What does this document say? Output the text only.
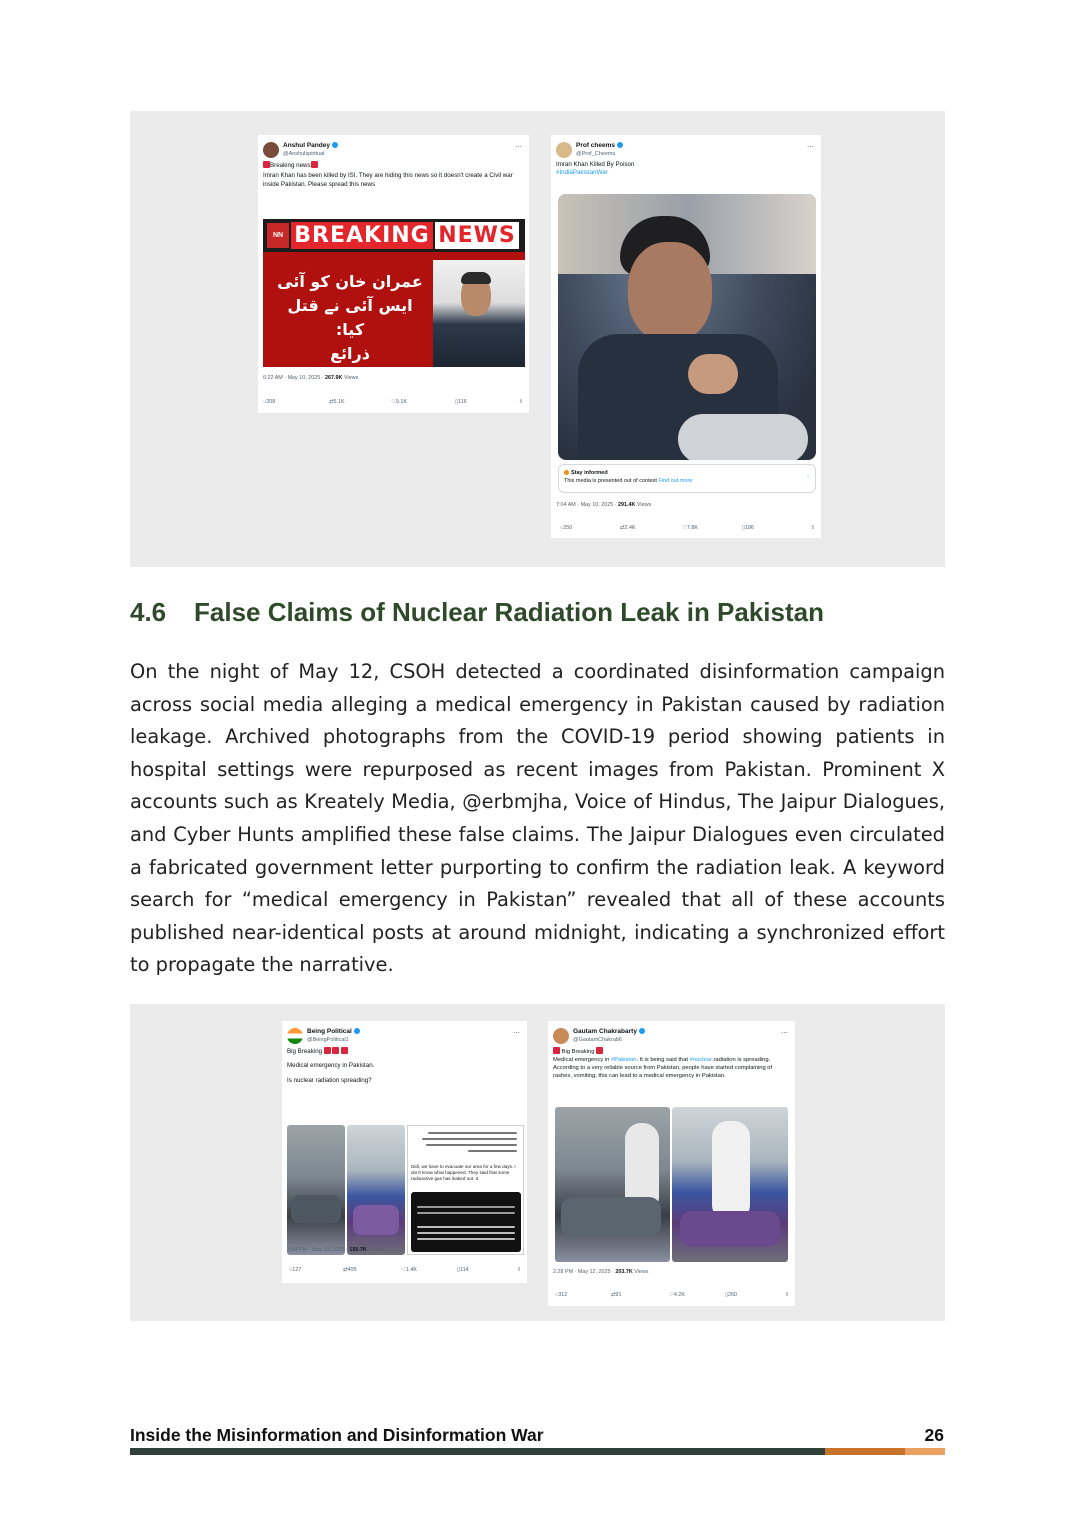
Anshul Pandey
@Anshulspiritual
⋯

Breaking news

Imran Khan has been killed by ISI. They are hiding this news so it doesn't create a Civil war inside Pakistan. Please spread this news

NN BREAKING NEWS
عمران خان کو آئی
ایس آئی نے قتل کیا:
ذرائع
6:22 AM · May 10, 2025 · 267.9K Views
○ 208	⇄ 5.1K	♡ 9.1K	▯ 116	⇧
Prof cheems
@Prof_Cheems
⋯

Imran Khan Killed By Poison

#IndiaPakistanWar

Stay informed
This media is presented out of context Find out more
›
7:04 AM · May 10, 2025 · 291.4K Views
○ 250	⇄ 2.4K	♡ 7.8K	▯ 186	⇧
4.6 False Claims of Nuclear Radiation Leak in Pakistan

On the night of May 12, CSOH detected a coordinated disinformation campaign across social media alleging a medical emergency in Pakistan caused by radiation leakage. Archived photographs from the COVID-19 period showing patients in hospital settings were repurposed as recent images from Pakistan. Prominent X accounts such as Kreately Media, @erbmjha, Voice of Hindus, The Jaipur Dialogues, and Cyber Hunts amplified these false claims. The Jaipur Dialogues even circulated a fabricated government letter purporting to confirm the radiation leak. A keyword search for “medical emergency in Pakistan” revealed that all of these accounts published near-identical posts at around midnight, indicating a synchronized effort to propagate the narrative.

Being Political
@BeingPolitical1
⋯

Big Breaking

Medical emergency in Pakistan.

Is nuclear radiation spreading?

Didi, we have to evacuate our area for a few days. I don't know what happened. They said that some radioactive gas has leaked out. It
3:54 PM · May 12, 2025 · 150.7K Views
○ 127	⇄ 405	♡ 1.4K	▯ 114	⇧
Gautam Chakrabarty
@GautamChakrab6
⋯

Big Breaking

Medical emergency in #Pakistan. It is being said that #nuclear radiation is spreading. According to a very reliable source from Pakistan, people have started complaining of rashes, vomiting, this can lead to a medical emergency in Pakistan.

2:28 PM · May 12, 2025 · 203.7K Views
○ 312	⇄ 91	♡ 4.2K	▯ 260	⇧
Inside the Misinformation and Disinformation War	26
